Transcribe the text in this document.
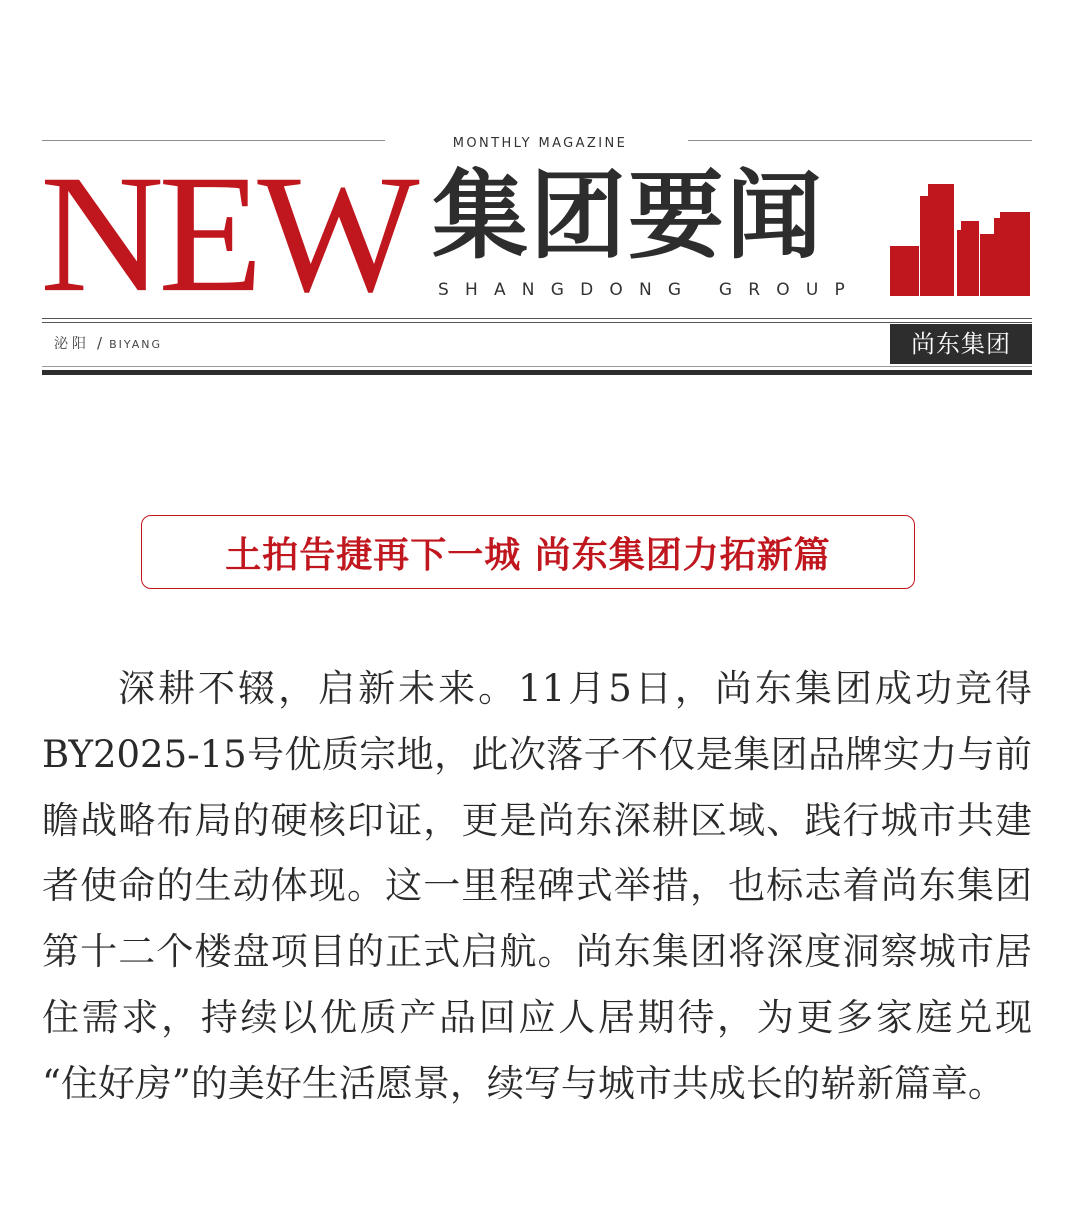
MONTHLY MAGAZINE
NEW 集团要闻
SHANGDONG GROUP
泌阳 / BIYANG	尚东集团
土拍告捷再下一城 尚东集团力拓新篇

深耕不辍，启新未来。11月5日，尚东集团成功竞得BY2025-15号优质宗地，此次落子不仅是集团品牌实力与前瞻战略布局的硬核印证，更是尚东深耕区域、践行城市共建者使命的生动体现。这一里程碑式举措，也标志着尚东集团第十二个楼盘项目的正式启航。尚东集团将深度洞察城市居住需求，持续以优质产品回应人居期待，为更多家庭兑现 “住好房”的美好生活愿景，续写与城市共成长的崭新篇章。
